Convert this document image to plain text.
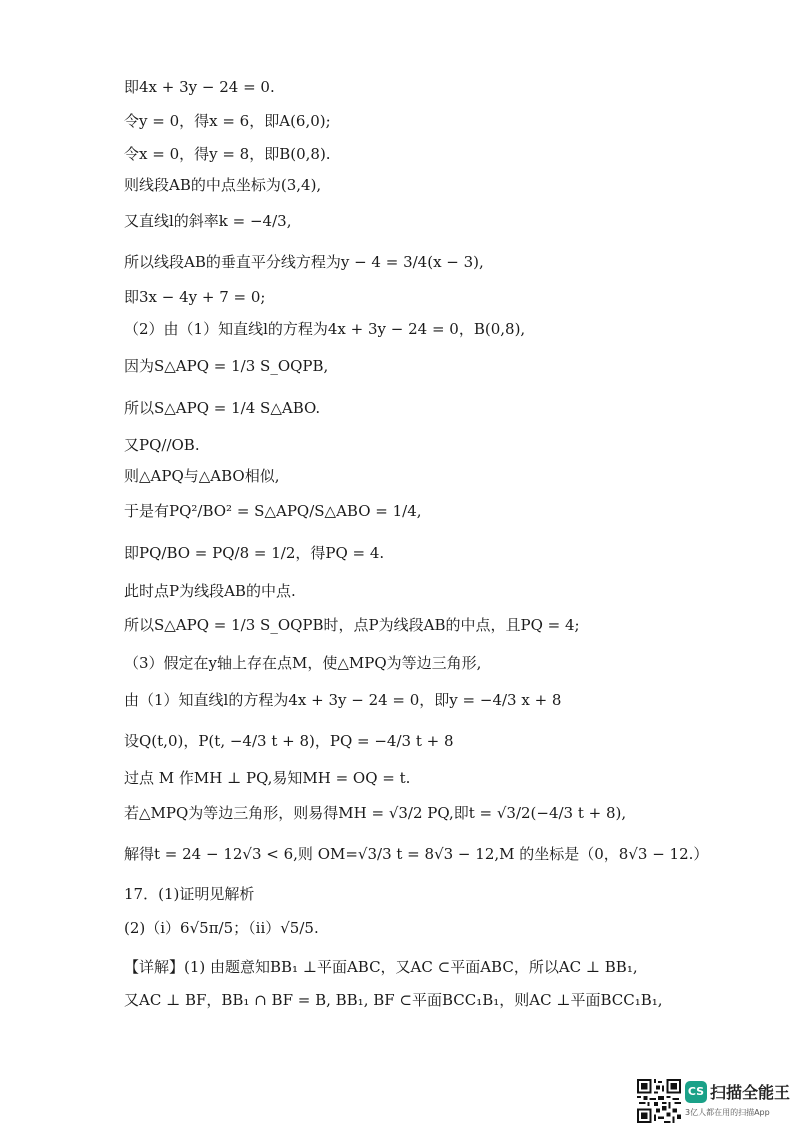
即4x + 3y − 24 = 0.
令y = 0，得x = 6，即A(6,0);
令x = 0，得y = 8，即B(0,8).
则线段AB的中点坐标为(3,4),
又直线l的斜率k = −4/3,
所以线段AB的垂直平分线方程为y − 4 = 3/4(x − 3),
即3x − 4y + 7 = 0;
（2）由（1）知直线l的方程为4x + 3y − 24 = 0，B(0,8),
因为S△APQ = 1/3 S_OQPB,
所以S△APQ = 1/4 S△ABO.
又PQ//OB.
则△APQ与△ABO相似,
于是有PQ²/BO² = S△APQ/S△ABO = 1/4,
即PQ/BO = PQ/8 = 1/2，得PQ = 4.
此时点P为线段AB的中点.
所以S△APQ = 1/3 S_OQPB时，点P为线段AB的中点，且PQ = 4;
（3）假定在y轴上存在点M，使△MPQ为等边三角形,
由（1）知直线l的方程为4x + 3y − 24 = 0，即y = −4/3 x + 8
设Q(t,0)，P(t, −4/3 t + 8)，PQ = −4/3 t + 8
过点 M 作MH ⊥ PQ,易知MH = OQ = t.
若△MPQ为等边三角形，则易得MH = √3/2 PQ,即t = √3/2(−4/3 t + 8),
解得t = 24 − 12√3 < 6,则 OM=√3/3 t = 8√3 − 12,M 的坐标是（0，8√3 − 12.）
17．(1)证明见解析
(2)（i）6√5π/5；（ii）√5/5.
【详解】(1) 由题意知BB₁ ⊥平面ABC，又AC ⊂平面ABC，所以AC ⊥ BB₁,
又AC ⊥ BF，BB₁ ∩ BF = B, BB₁, BF ⊂平面BCC₁B₁，则AC ⊥平面BCC₁B₁,
CS 扫描全能王
3亿人都在用的扫描App
